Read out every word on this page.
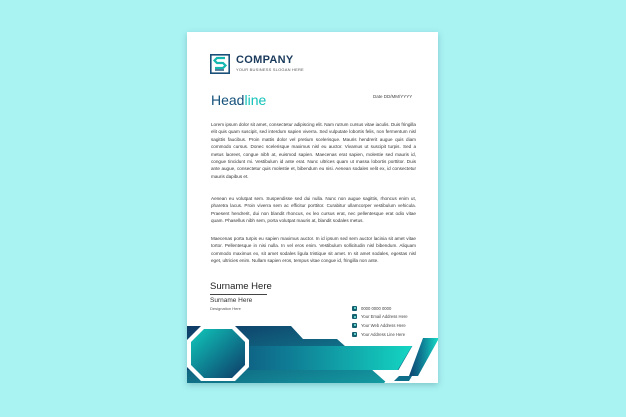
COMPANY
YOUR BUSINESS SLOGAN HERE
Headline	Date DD/MM/YYYY

Lorem ipsum dolor sit amet, consectetur adipiscing elit. Nam rutrum cursus vitae iaculis. Duis fringilla elit quis quam suscipit, sed interdum sapien viverra. Sed vulputate lobortis felis, non fermentum nisl sagittis faucibus. Proin mattis dolor vel pretium scelerisque. Mauris hendrerit augue quis diam commodo cursus. Donec scelerisque maximus nisl eu auctor. Vivamus ut suscipit turpis. Sed a metus laoreet, congue nibh at, euismod sapien. Maecenas erat sapien, molestie sed mauris id, congue tincidunt mi. Vestibulum id ante erat. Nunc ultrices quam ut massa lobortis porttitor. Duis ante augue, consectetur quis molestie et, bibendum eu nisi. Aenean sodales velit ex, id consectetur mauris dapibus et.

Aenean eu volutpat sem. Suspendisse sed dui nulla. Nunc non augue sagittis, rhoncus enim ut, pharetra lacus. Proin viverra sem ac efficitur porttitor. Curabitur ullamcorper vestibulum vehicula. Praesent hendrerit, dui non blandit rhoncus, ex leo cursus erat, nec pellentesque erat odio vitae quam. Phasellus nibh sem, porta volutpat mauris at, blandit sodales metus.

Maecenas porta turpis eu sapien maximus auctor. In id ipsum sed sem auctor lacinia sit amet vitae tortor. Pellentesque in nisi nulla. In vel eros enim. Vestibulum sollicitudin nisl bibendum. Aliquam commodo maximus ex, sit amet sodales ligula tristique sit amet. In sit amet sodales, egestas nisl eget, ultricies enim. Nullam sapien eros, tempus vitae congue id, fringilla non ante.

Surname Here
Surname Here
Designation Here	0000 0000 0000
Your Email Address Here
Your Web Address Here
Your Address Line Here
